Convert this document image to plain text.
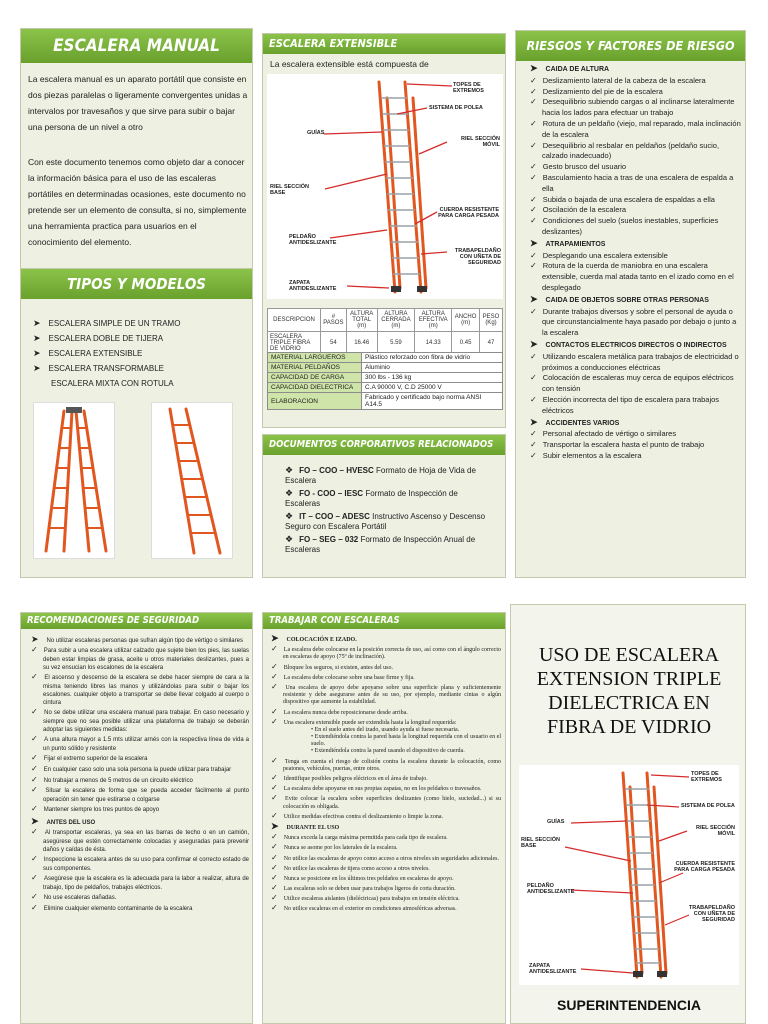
ESCALERA MANUAL
La escalera manual es un aparato portátil que consiste en dos piezas paralelas o ligeramente convergentes unidas a intervalos por travesaños y que sirve para subir o bajar una persona de un nivel a otro
Con este documento tenemos como objeto dar a conocer la información básica para el uso de las escaleras portátiles en determinadas ocasiones, este documento no pretende ser un elemento de consulta, si no, simplemente una herramienta practica para usuarios en el conocimiento del elemento.
TIPOS Y MODELOS
➤ ESCALERA SIMPLE DE UN TRAMO
➤ ESCALERA DOBLE DE TIJERA
➤ ESCALERA EXTENSIBLE
➤ ESCALERA TRANSFORMABLE
ESCALERA MIXTA CON ROTULA
ESCALERA EXTENSIBLE
La escalera extensible está compuesta de
TOPES DE EXTREMOS
SISTEMA DE POLEA
GUÍAS
RIEL SECCIÓN MÓVIL
RIEL SECCIÓN BASE
CUERDA RESISTENTE PARA CARGA PESADA
PELDAÑO ANTIDESLIZANTE
TRABAPELDAÑO CON UÑETA DE SEGURIDAD
ZAPATA ANTIDESLIZANTE
DESCRIPCION	# PASOS	ALTURA TOTAL (m)	ALTURA CERRADA (m)	ALTURA EFECTIVA (m)	ANCHO (m)	PESO (Kg)
ESCALERA TRIPLE FIBRA DE VIDRIO	54	16.46	5.59	14.33	0.45	47
MATERIAL LARGUEROS	Plástico reforzado con fibra de vidrio
MATERIAL PELDAÑOS	Aluminio
CAPACIDAD DE CARGA	300 lbs - 136 kg
CAPACIDAD DIELECTRICA	C.A 90000 V, C.D 25000 V
ELABORACION	Fabricado y certificado bajo norma ANSI A14.5
DOCUMENTOS CORPORATIVOS RELACIONADOS
❖ FO – COO – HVESC Formato de Hoja de Vida de Escalera
❖ FO - COO – IESC Formato de Inspección de Escaleras
❖ IT – COO – ADESC Instructivo Ascenso y Descenso Seguro con Escalera Portátil
❖ FO – SEG – 032 Formato de Inspección Anual de Escaleras
RIESGOS Y FACTORES DE RIESGO
➤ CAIDA DE ALTURA
✓ Deslizamiento lateral de la cabeza de la escalera
✓ Deslizamiento del pie de la escalera
✓ Desequilibrio subiendo cargas o al inclinarse lateralmente hacia los lados para efectuar un trabajo
✓ Rotura de un peldaño (viejo, mal reparado, mala inclinación de la escalera
✓ Desequilibrio al resbalar en peldaños (peldaño sucio, calzado inadecuado)
✓ Gesto brusco del usuario
✓ Basculamiento hacia a tras de una escalera de espalda a ella
✓ Subida o bajada de una escalera de espaldas a ella
✓ Oscilación de la escalera
✓ Condiciones del suelo (suelos inestables, superficies deslizantes)
➤ ATRAPAMIENTOS
✓ Desplegando una escalera extensible
✓ Rotura de la cuerda de maniobra en una escalera extensible, cuerda mal atada tanto en el izado como en el desplegado
➤ CAIDA DE OBJETOS SOBRE OTRAS PERSONAS
✓ Durante trabajos diversos y sobre el personal de ayuda o que circunstancialmente haya pasado por debajo o junto a la escalera
➤ CONTACTOS ELECTRICOS DIRECTOS O INDIRECTOS
✓ Utilizando escalera metálica para trabajos de electricidad o próximos a conducciones eléctricas
✓ Colocación de escaleras muy cerca de equipos eléctricos con tensión
✓ Elección incorrecta del tipo de escalera para trabajos eléctricos
➤ ACCIDENTES VARIOS
✓ Personal afectado de vértigo o similares
✓ Transportar la escalera hasta el punto de trabajo
✓ Subir elementos a la escalera
RECOMENDACIONES DE SEGURIDAD
➤ No utilizar escaleras personas que sufran algún tipo de vértigo o similares
✓ Para subir a una escalera utilizar calzado que sujete bien los pies, las suelas deben estar limpias de grasa, aceite u otros materiales deslizantes, pues a su vez ensucian los escalones de la escalera
✓ El ascenso y descenso de la escalera se debe hacer siempre de cara a la misma teniendo libres las manos y utilizándolas para subir o bajar los escalones. cualquier objeto a transportar se debe llevar colgado al cuerpo o cintura
✓ No se debe utilizar una escalera manual para trabajar. En caso necesario y siempre que no sea posible utilizar una plataforma de trabajo se deberán adoptar las siguientes medidas:
✓ A una altura mayor a 1.5 mts utilizar arnés con la respectiva línea de vida a un punto sólido y resistente
✓ Fijar el extremo superior de la escalera
✓ En cualquier caso solo una sola persona la puede utilizar para trabajar
✓ No trabajar a menos de 5 metros de un circuito eléctrico
✓ Situar la escalera de forma que se pueda acceder fácilmente al punto operación sin tener que estirarse o colgarse
✓ Mantener siempre los tres puntos de apoyo
➤ ANTES DEL USO
✓ Al transportar escaleras, ya sea en las barras de techo o en un camión, asegúrese que estén correctamente colocadas y aseguradas para prevenir daños y caídas de ésta.
✓ Inspeccione la escalera antes de su uso para confirmar el correcto estado de sus componentes.
✓ Asegúrese que la escalera es la adecuada para la labor a realizar, altura de trabajo, tipo de peldaños, trabajos eléctricos.
✓ No use escaleras dañadas.
✓ Elimine cualquier elemento contaminante de la escalera
TRABAJAR CON ESCALERAS
➤ COLOCACIÓN E IZADO.
✓ La escalera debe colocarse en la posición correcta de uso, así como con el ángulo correcto en escaleras de apoyo (75º de inclinación).
✓ Bloquee los seguros, si existen, antes del uso.
✓ La escalera debe colocarse sobre una base firme y fija.
✓ Una escalera de apoyo debe apoyarse sobre una superficie plana y suficientemente resistente y debe asegurarse antes de su uso, por ejemplo, mediante cintas o algún dispositivo que aumente la estabilidad.
✓ La escalera nunca debe reposicionarse desde arriba.
✓ Una escalera extensible puede ser extendida hasta la longitud requerida:
• En el suelo antes del izado, usando ayuda si fuese necesaria.
• Extendiéndola contra la pared hasta la longitud requerida con el usuario en el suelo.
• Extendiéndola contra la pared usando el dispositivo de cuerda.
✓ Tenga en cuenta el riesgo de colisión contra la escalera durante la colocación, como peatones, vehículos, puertas, entre otros.
✓ Identifique posibles peligros eléctricos en el área de trabajo.
✓ La escalera debe apoyarse en sus propias zapatas, no en los peldaños o travesaños.
✓ Evite colocar la escalera sobre superficies deslizantes (como hielo, suciedad...) si su colocación es obligada.
✓ Utilice medidas efectivas contra el deslizamiento o limpie la zona.
➤ DURANTE EL USO
✓ Nunca exceda la carga máxima permitida para cada tipo de escalera.
✓ Nunca se asome por los laterales de la escalera.
✓ No utilice las escaleras de apoyo como acceso a otros niveles sin seguridades adicionales.
✓ No utilice las escaleras de tijera como acceso a otros niveles.
✓ Nunca se posicione en los últimos tres peldaños en escaleras de apoyo.
✓ Las escaleras solo se deben usar para trabajos ligeros de corta duración.
✓ Utilice escaleras aislantes (dieléctricas) para trabajos en tensión eléctrica.
✓ No utilice escaleras en el exterior en condiciones atmosféricas adversas.
USO DE ESCALERA EXTENSION TRIPLE DIELECTRICA EN FIBRA DE VIDRIO
TOPES DE EXTREMOS
SISTEMA DE POLEA
GUÍAS
RIEL SECCIÓN MÓVIL
RIEL SECCIÓN BASE
CUERDA RESISTENTE PARA CARGA PESADA
PELDAÑO ANTIDESLIZANTE
TRABAPELDAÑO CON UÑETA DE SEGURIDAD
ZAPATA ANTIDESLIZANTE
SUPERINTENDENCIA
